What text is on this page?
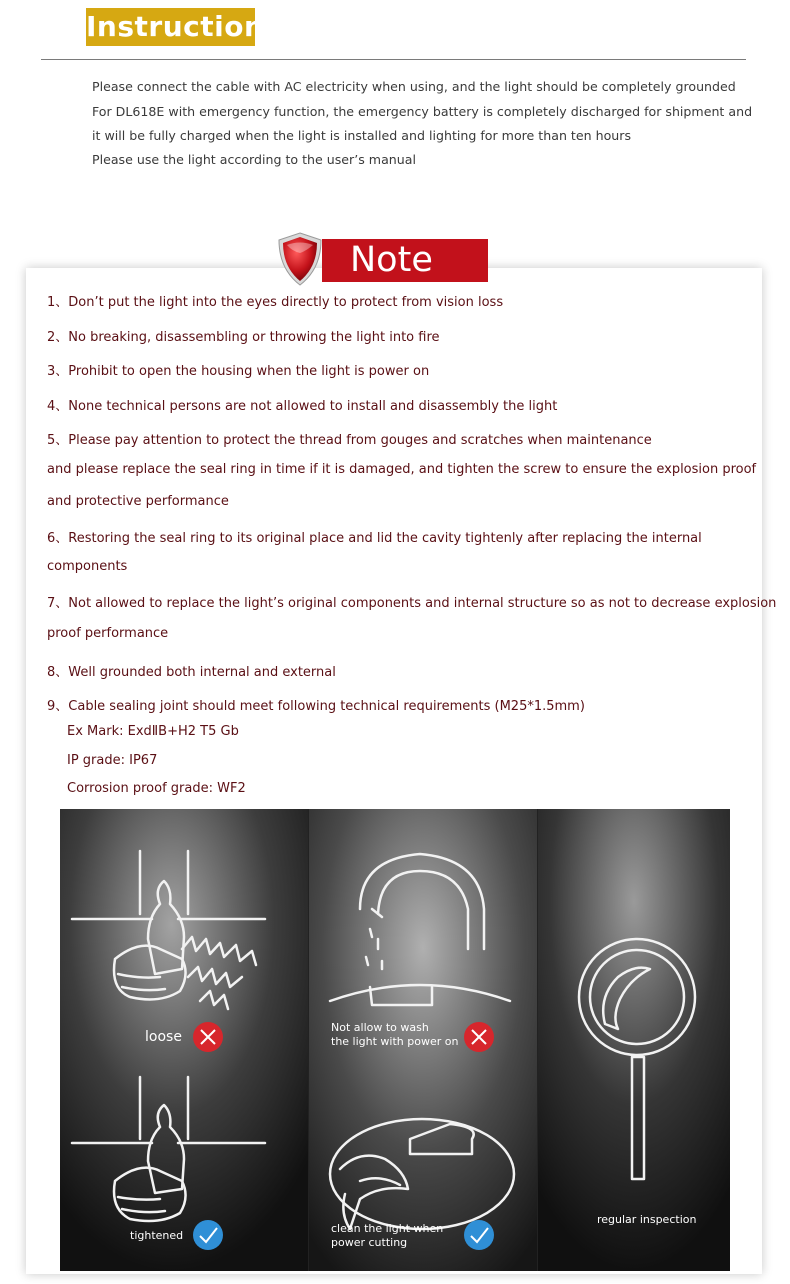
Instruction
Please connect the cable with AC electricity when using, and the light should be completely grounded
For DL618E with emergency function, the emergency battery is completely discharged for shipment and
it will be fully charged when the light is installed and lighting for more than ten hours
Please use the light according to the user’s manual
Note
1、Don’t put the light into the eyes directly to protect from vision loss
2、No breaking, disassembling or throwing the light into fire
3、Prohibit to open the housing when the light is power on
4、None technical persons are not allowed to install and disassembly the light
5、Please pay attention to protect the thread from gouges and scratches when maintenance
and please replace the seal ring in time if it is damaged, and tighten the screw to ensure the explosion proof
and protective performance
6、Restoring the seal ring to its original place and lid the cavity tightenly after replacing the internal
components
7、Not allowed to replace the light’s original components and internal structure so as not to decrease explosion
proof performance
8、Well grounded both internal and external
9、Cable sealing joint should meet following technical requirements (M25*1.5mm)
Ex Mark: ExdⅡB+H2 T5 Gb
IP grade: IP67
Corrosion proof grade: WF2
loose
tightened
Not allow to wash
the light with power on
clean the light when
power cutting
regular inspection
